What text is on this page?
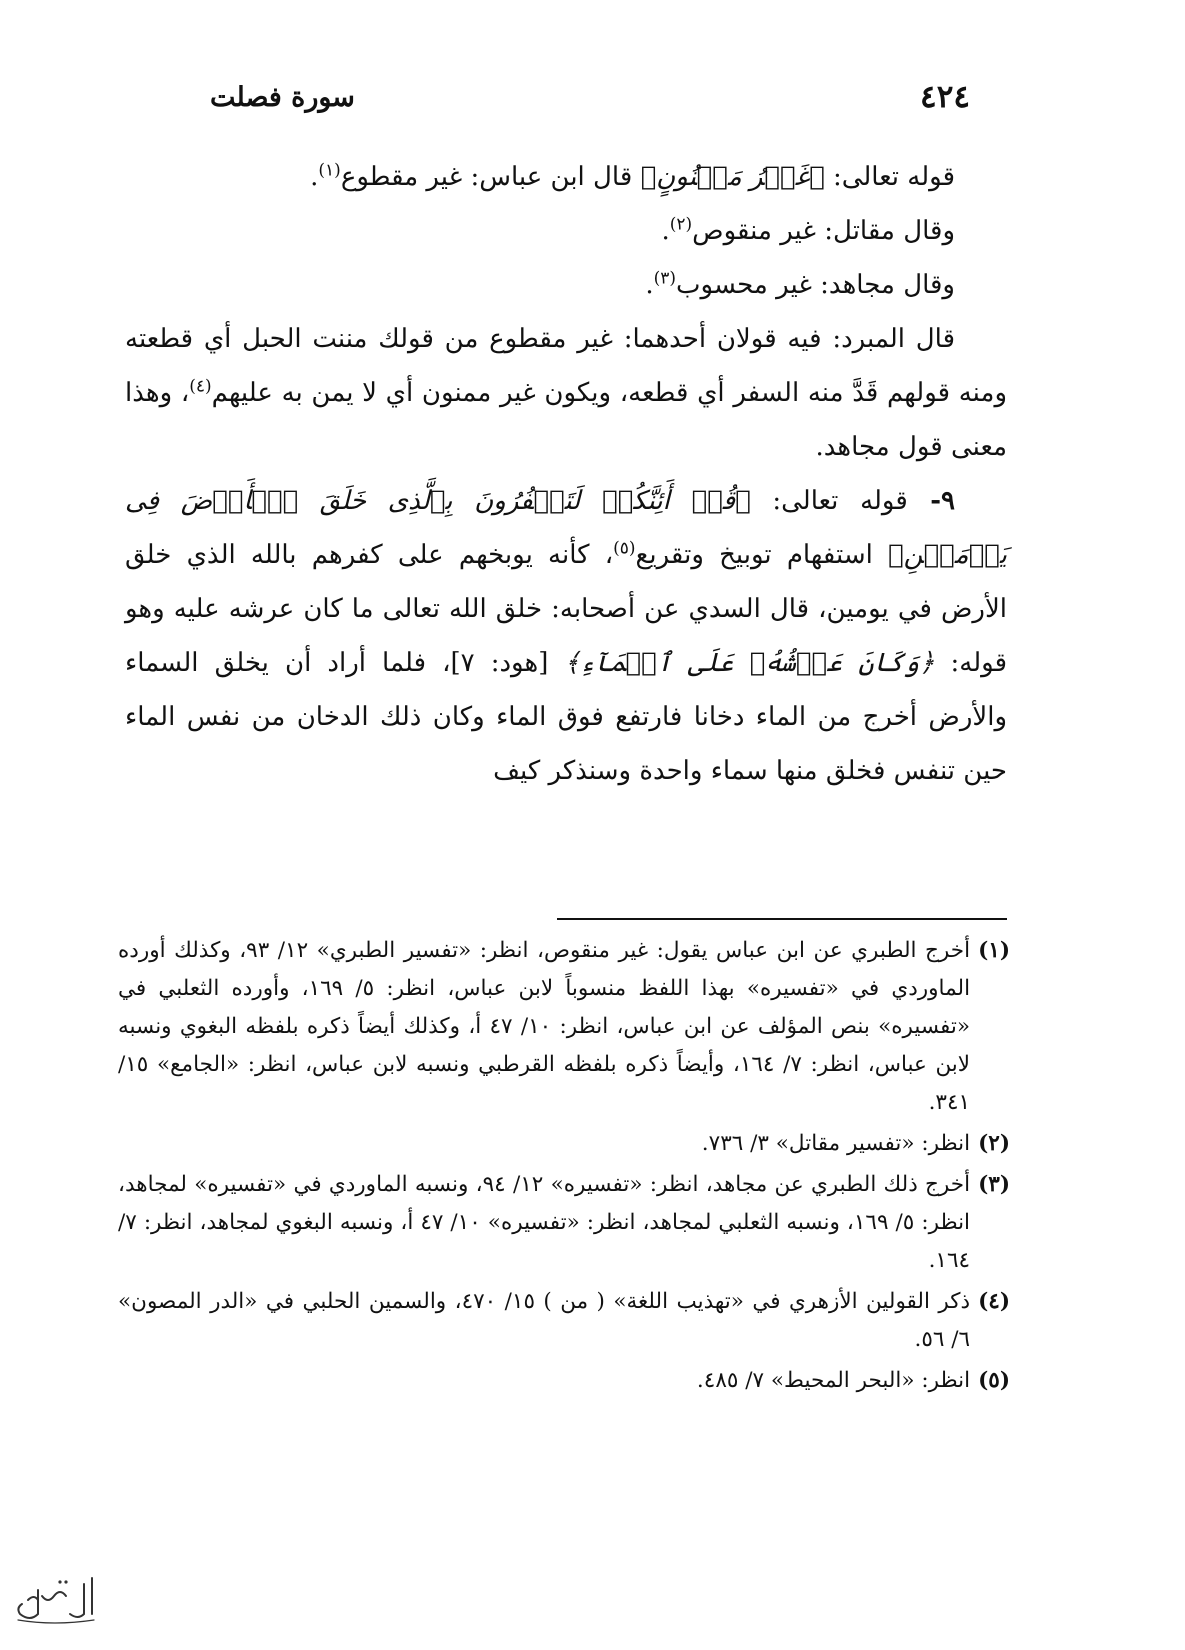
٤٢٤
سورة فصلت

قوله تعالى: ﴿غَيۡرُ مَمۡنُونٍ﴾ قال ابن عباس: غير مقطوع$^{(١)}$.

وقال مقاتل: غير منقوص$^{(٢)}$.

وقال مجاهد: غير محسوب$^{(٣)}$.

قال المبرد: فيه قولان أحدهما: غير مقطوع من قولك مننت الحبل أي قطعته ومنه قولهم قَدَّ منه السفر أي قطعه، ويكون غير ممنون أي لا يمن به عليهم$^{(٤)}$، وهذا معنى قول مجاهد.

٩- قوله تعالى: ﴿قُلۡ أَئِنَّكُمۡ لَتَكۡفُرُونَ بِٱلَّذِی خَلَقَ ٱلۡأَرۡضَ فِی یَوۡمَیۡنِ﴾ استفهام توبيخ وتقريع$^{(٥)}$، كأنه يوبخهم على كفرهم بالله الذي خلق الأرض في يومين، قال السدي عن أصحابه: خلق الله تعالى ما كان عرشه عليه وهو قوله: ﴿وَكَانَ عَرۡشُهُۥ عَلَى ٱلۡمَآءِ﴾ [هود: ٧]، فلما أراد أن يخلق السماء والأرض أخرج من الماء دخانا فارتفع فوق الماء وكان ذلك الدخان من نفس الماء حين تنفس فخلق منها سماء واحدة وسنذكر كيف

(١)
أخرج الطبري عن ابن عباس يقول: غير منقوص، انظر: «تفسير الطبري» ١٢/ ٩٣، وكذلك أورده الماوردي في «تفسيره» بهذا اللفظ منسوباً لابن عباس، انظر: ٥/ ١٦٩، وأورده الثعلبي في «تفسيره» بنص المؤلف عن ابن عباس، انظر: ١٠/ ٤٧ أ، وكذلك أيضاً ذكره بلفظه البغوي ونسبه لابن عباس، انظر: ٧/ ١٦٤، وأيضاً ذكره بلفظه القرطبي ونسبه لابن عباس، انظر: «الجامع» ١٥/ ٣٤١.
(٢)
انظر: «تفسير مقاتل» ٣/ ٧٣٦.
(٣)
أخرج ذلك الطبري عن مجاهد، انظر: «تفسيره» ١٢/ ٩٤، ونسبه الماوردي في «تفسيره» لمجاهد، انظر: ٥/ ١٦٩، ونسبه الثعلبي لمجاهد، انظر: «تفسيره» ١٠/ ٤٧ أ، ونسبه البغوي لمجاهد، انظر: ٧/ ١٦٤.
(٤)
ذكر القولين الأزهري في «تهذيب اللغة» ( من ) ١٥/ ٤٧٠، والسمين الحلبي في «الدر المصون» ٦/ ٥٦.
(٥)
انظر: «البحر المحيط» ٧/ ٤٨٥.
